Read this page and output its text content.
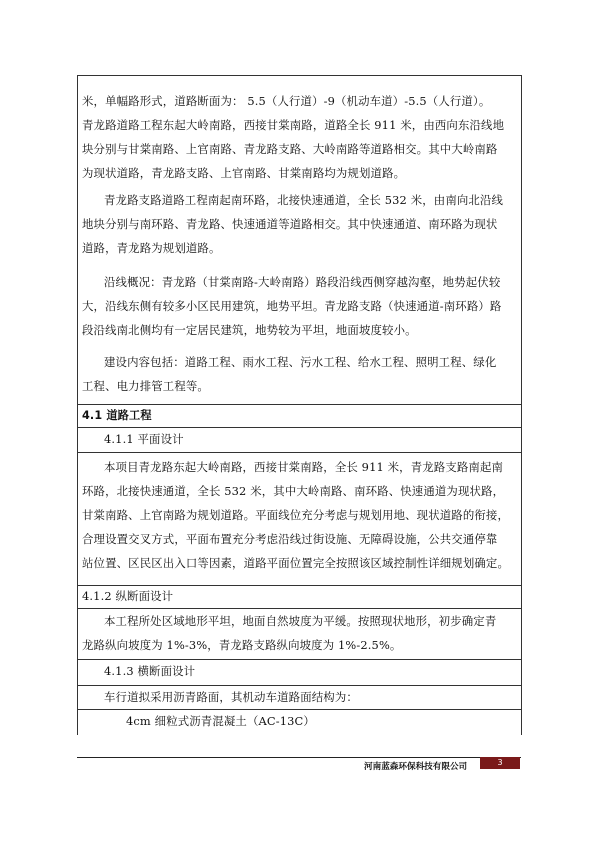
米，单幅路形式，道路断面为： 5.5（人行道）-9（机动车道）-5.5（人行道）。
青龙路道路工程东起大岭南路，西接甘棠南路，道路全长 911 米，由西向东沿线地
块分别与甘棠南路、上官南路、青龙路支路、大岭南路等道路相交。其中大岭南路
为现状道路，青龙路支路、上官南路、甘棠南路均为规划道路。
青龙路支路道路工程南起南环路，北接快速通道，全长 532 米，由南向北沿线
地块分别与南环路、青龙路、快速通道等道路相交。其中快速通道、南环路为现状
道路，青龙路为规划道路。
沿线概况：青龙路（甘棠南路-大岭南路）路段沿线西侧穿越沟壑，地势起伏较
大，沿线东侧有较多小区民用建筑，地势平坦。青龙路支路（快速通道-南环路）路
段沿线南北侧均有一定居民建筑，地势较为平坦，地面坡度较小。
建设内容包括：道路工程、雨水工程、污水工程、给水工程、照明工程、绿化
工程、电力排管工程等。
4.1 道路工程
4.1.1 平面设计
本项目青龙路东起大岭南路，西接甘棠南路，全长 911 米，青龙路支路南起南
环路，北接快速通道，全长 532 米，其中大岭南路、南环路、快速通道为现状路，
甘棠南路、上官南路为规划道路。平面线位充分考虑与规划用地、现状道路的衔接，
合理设置交叉方式，平面布置充分考虑沿线过街设施、无障碍设施，公共交通停靠
站位置、区民区出入口等因素，道路平面位置完全按照该区域控制性详细规划确定。
4.1.2 纵断面设计
本工程所处区域地形平坦，地面自然坡度为平缓。按照现状地形，初步确定青
龙路纵向坡度为 1%-3%，青龙路支路纵向坡度为 1%-2.5%。
4.1.3 横断面设计
车行道拟采用沥青路面，其机动车道路面结构为：
4cm 细粒式沥青混凝土（AC-13C）
河南蓝森环保科技有限公司	3
